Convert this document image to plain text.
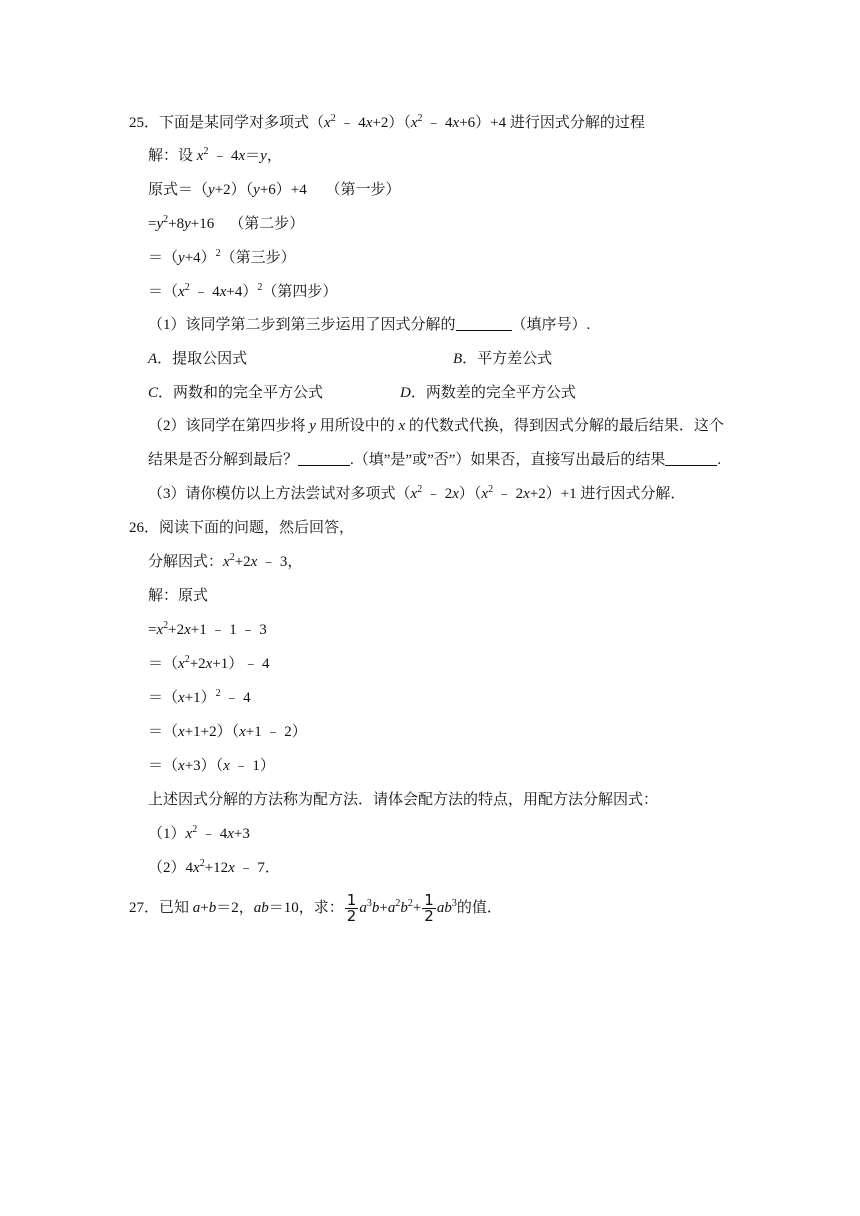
25．下面是某同学对多项式（$x^2$ ﹣ $4x+2)(x^2$ ﹣ 4x+6）+4 进行因式分解的过程
解：设 $x^2$ ﹣ 4x＝y，
原式＝（y+2）（y+6）+4     （第一步）
$=y^2+8y+16$    （第二步）
$=(y+4)^2$（第三步）
$=(x^2$ ﹣ 4x+4）$^2$（第四步）
（1）该同学第二步到第三步运用了因式分解的	（填序号）.
A．提取公因式	B．平方差公式
C．两数和的完全平方公式	D．两数差的完全平方公式
（2）该同学在第四步将 y 用所设中的 x 的代数式代换，得到因式分解的最后结果．这个
结果是否分解到最后？	.（填”是”或”否”）如果否，直接写出最后的结果	.
（3）请你模仿以上方法尝试对多项式（$x^2$ ﹣ $2x)(x^2$ ﹣ 2x+2）+1 进行因式分解．
26．阅读下面的问题，然后回答，
分解因式：$x^2+2x$ ﹣ 3，
解：原式
$=x^2+2x+1$ ﹣ 1 ﹣ 3
$=(x^2+2x+1)﹣$ 4
$=(x+1)^2$ ﹣ 4
＝（x+1+2）（x+1 ﹣ 2）
＝（x+3）（x ﹣ 1）
上述因式分解的方法称为配方法．请体会配方法的特点，用配方法分解因式：
$(1)x^2$ ﹣ 4x+3
$(2)4x^2+12x$ ﹣ 7．
27．已知 a+b＝2，ab＝10，求： $\frac{1}{2} a^3b+a^2b^2+ \frac{1}{2} ab^3$的值．
